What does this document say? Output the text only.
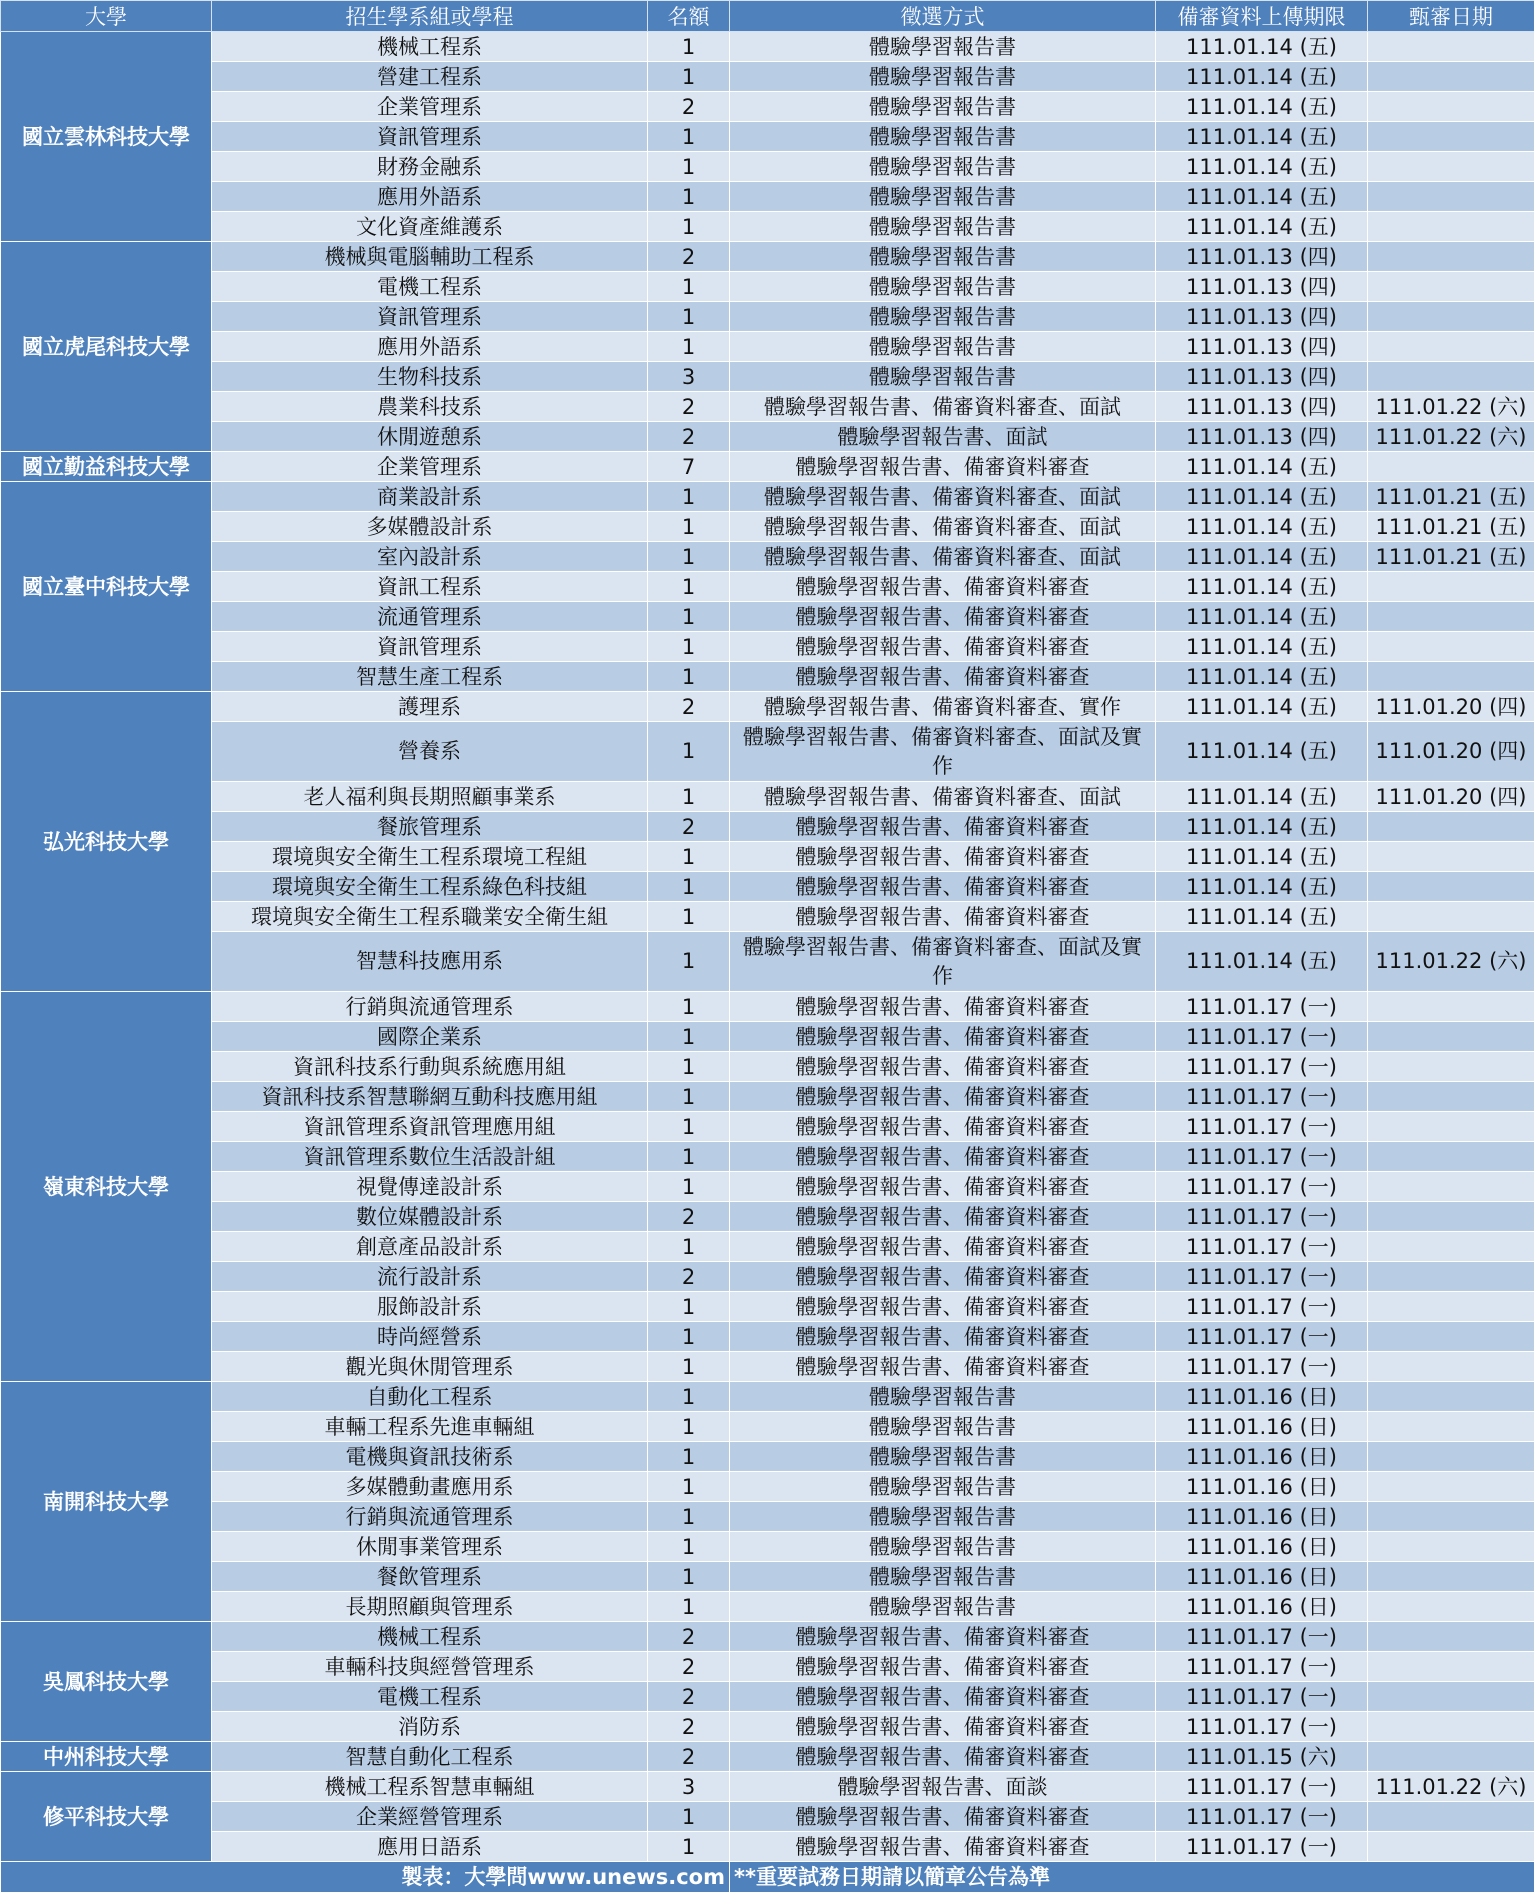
大學	招生學系組或學程	名額	徵選方式	備審資料上傳期限	甄審日期
國立雲林科技大學	機械工程系	1	體驗學習報告書	111.01.14 (五)	
	營建工程系	1	體驗學習報告書	111.01.14 (五)	
	企業管理系	2	體驗學習報告書	111.01.14 (五)	
	資訊管理系	1	體驗學習報告書	111.01.14 (五)	
	財務金融系	1	體驗學習報告書	111.01.14 (五)	
	應用外語系	1	體驗學習報告書	111.01.14 (五)	
	文化資產維護系	1	體驗學習報告書	111.01.14 (五)	
國立虎尾科技大學	機械與電腦輔助工程系	2	體驗學習報告書	111.01.13 (四)	
	電機工程系	1	體驗學習報告書	111.01.13 (四)	
	資訊管理系	1	體驗學習報告書	111.01.13 (四)	
	應用外語系	1	體驗學習報告書	111.01.13 (四)	
	生物科技系	3	體驗學習報告書	111.01.13 (四)	
	農業科技系	2	體驗學習報告書、備審資料審查、面試	111.01.13 (四)	111.01.22 (六)
	休閒遊憩系	2	體驗學習報告書、面試	111.01.13 (四)	111.01.22 (六)
國立勤益科技大學	企業管理系	7	體驗學習報告書、備審資料審查	111.01.14 (五)	
國立臺中科技大學	商業設計系	1	體驗學習報告書、備審資料審查、面試	111.01.14 (五)	111.01.21 (五)
	多媒體設計系	1	體驗學習報告書、備審資料審查、面試	111.01.14 (五)	111.01.21 (五)
	室內設計系	1	體驗學習報告書、備審資料審查、面試	111.01.14 (五)	111.01.21 (五)
	資訊工程系	1	體驗學習報告書、備審資料審查	111.01.14 (五)	
	流通管理系	1	體驗學習報告書、備審資料審查	111.01.14 (五)	
	資訊管理系	1	體驗學習報告書、備審資料審查	111.01.14 (五)	
	智慧生產工程系	1	體驗學習報告書、備審資料審查	111.01.14 (五)	
弘光科技大學	護理系	2	體驗學習報告書、備審資料審查、實作	111.01.14 (五)	111.01.20 (四)
	營養系	1	體驗學習報告書、備審資料審查、面試及實作	111.01.14 (五)	111.01.20 (四)
	老人福利與長期照顧事業系	1	體驗學習報告書、備審資料審查、面試	111.01.14 (五)	111.01.20 (四)
	餐旅管理系	2	體驗學習報告書、備審資料審查	111.01.14 (五)	
	環境與安全衛生工程系環境工程組	1	體驗學習報告書、備審資料審查	111.01.14 (五)	
	環境與安全衛生工程系綠色科技組	1	體驗學習報告書、備審資料審查	111.01.14 (五)	
	環境與安全衛生工程系職業安全衛生組	1	體驗學習報告書、備審資料審查	111.01.14 (五)	
	智慧科技應用系	1	體驗學習報告書、備審資料審查、面試及實作	111.01.14 (五)	111.01.22 (六)
嶺東科技大學	行銷與流通管理系	1	體驗學習報告書、備審資料審查	111.01.17 (一)	
	國際企業系	1	體驗學習報告書、備審資料審查	111.01.17 (一)	
	資訊科技系行動與系統應用組	1	體驗學習報告書、備審資料審查	111.01.17 (一)	
	資訊科技系智慧聯網互動科技應用組	1	體驗學習報告書、備審資料審查	111.01.17 (一)	
	資訊管理系資訊管理應用組	1	體驗學習報告書、備審資料審查	111.01.17 (一)	
	資訊管理系數位生活設計組	1	體驗學習報告書、備審資料審查	111.01.17 (一)	
	視覺傳達設計系	1	體驗學習報告書、備審資料審查	111.01.17 (一)	
	數位媒體設計系	2	體驗學習報告書、備審資料審查	111.01.17 (一)	
	創意產品設計系	1	體驗學習報告書、備審資料審查	111.01.17 (一)	
	流行設計系	2	體驗學習報告書、備審資料審查	111.01.17 (一)	
	服飾設計系	1	體驗學習報告書、備審資料審查	111.01.17 (一)	
	時尚經營系	1	體驗學習報告書、備審資料審查	111.01.17 (一)	
	觀光與休閒管理系	1	體驗學習報告書、備審資料審查	111.01.17 (一)	
南開科技大學	自動化工程系	1	體驗學習報告書	111.01.16 (日)	
	車輛工程系先進車輛組	1	體驗學習報告書	111.01.16 (日)	
	電機與資訊技術系	1	體驗學習報告書	111.01.16 (日)	
	多媒體動畫應用系	1	體驗學習報告書	111.01.16 (日)	
	行銷與流通管理系	1	體驗學習報告書	111.01.16 (日)	
	休閒事業管理系	1	體驗學習報告書	111.01.16 (日)	
	餐飲管理系	1	體驗學習報告書	111.01.16 (日)	
	長期照顧與管理系	1	體驗學習報告書	111.01.16 (日)	
吳鳳科技大學	機械工程系	2	體驗學習報告書、備審資料審查	111.01.17 (一)	
	車輛科技與經營管理系	2	體驗學習報告書、備審資料審查	111.01.17 (一)	
	電機工程系	2	體驗學習報告書、備審資料審查	111.01.17 (一)	
	消防系	2	體驗學習報告書、備審資料審查	111.01.17 (一)	
中州科技大學	智慧自動化工程系	2	體驗學習報告書、備審資料審查	111.01.15 (六)	
修平科技大學	機械工程系智慧車輛組	3	體驗學習報告書、面談	111.01.17 (一)	111.01.22 (六)
	企業經營管理系	1	體驗學習報告書、備審資料審查	111.01.17 (一)	
	應用日語系	1	體驗學習報告書、備審資料審查	111.01.17 (一)	
製表：大學問www.unews.com			**重要試務日期請以簡章公告為準		
